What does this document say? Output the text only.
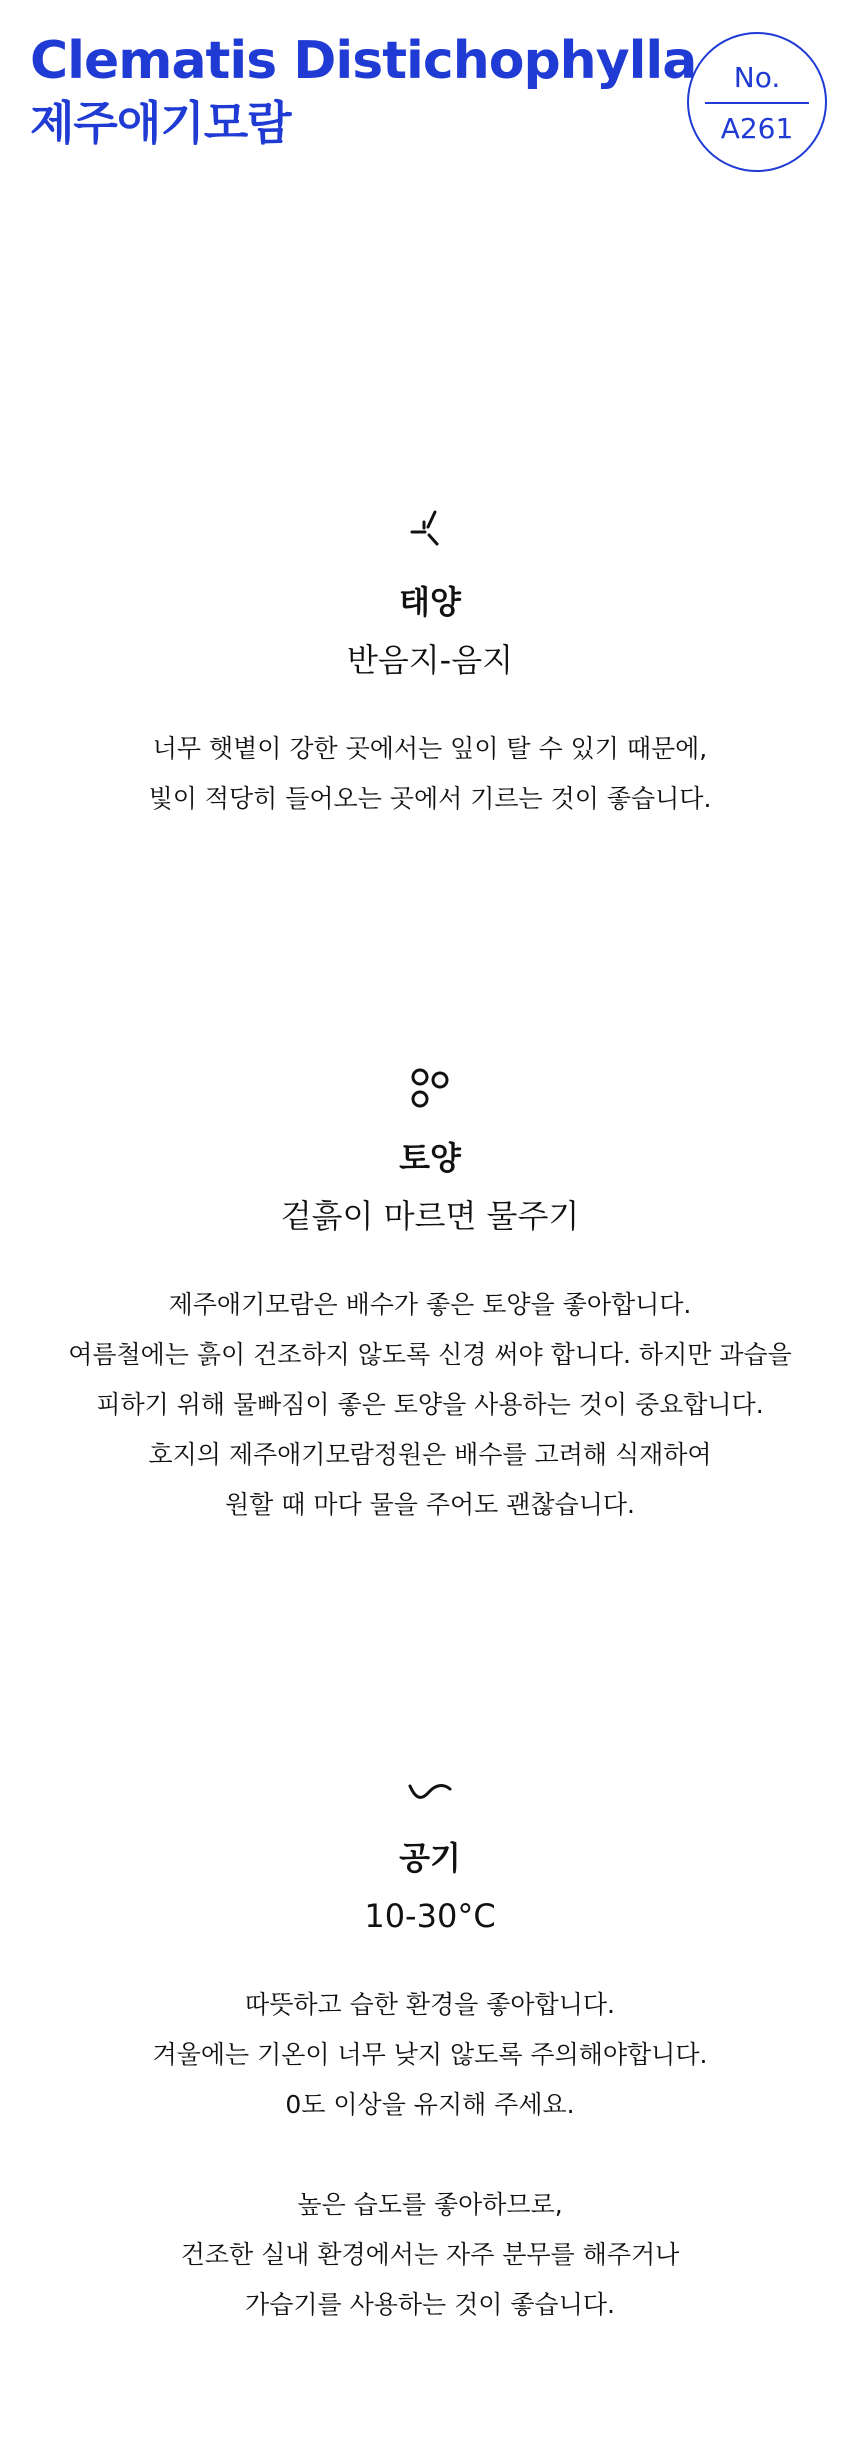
Clematis Distichophylla
제주애기모람
No.
A261
태양

반음지-음지

너무 햇볕이 강한 곳에서는 잎이 탈 수 있기 때문에,
빛이 적당히 들어오는 곳에서 기르는 것이 좋습니다.
토양

겉흙이 마르면 물주기

제주애기모람은 배수가 좋은 토양을 좋아합니다.
여름철에는 흙이 건조하지 않도록 신경 써야 합니다. 하지만 과습을
피하기 위해 물빠짐이 좋은 토양을 사용하는 것이 중요합니다.
호지의 제주애기모람정원은 배수를 고려해 식재하여
원할 때 마다 물을 주어도 괜찮습니다.
공기

10-30°C

따뜻하고 습한 환경을 좋아합니다.
겨울에는 기온이 너무 낮지 않도록 주의해야합니다.
0도 이상을 유지해 주세요.
높은 습도를 좋아하므로,
건조한 실내 환경에서는 자주 분무를 해주거나
가습기를 사용하는 것이 좋습니다.
